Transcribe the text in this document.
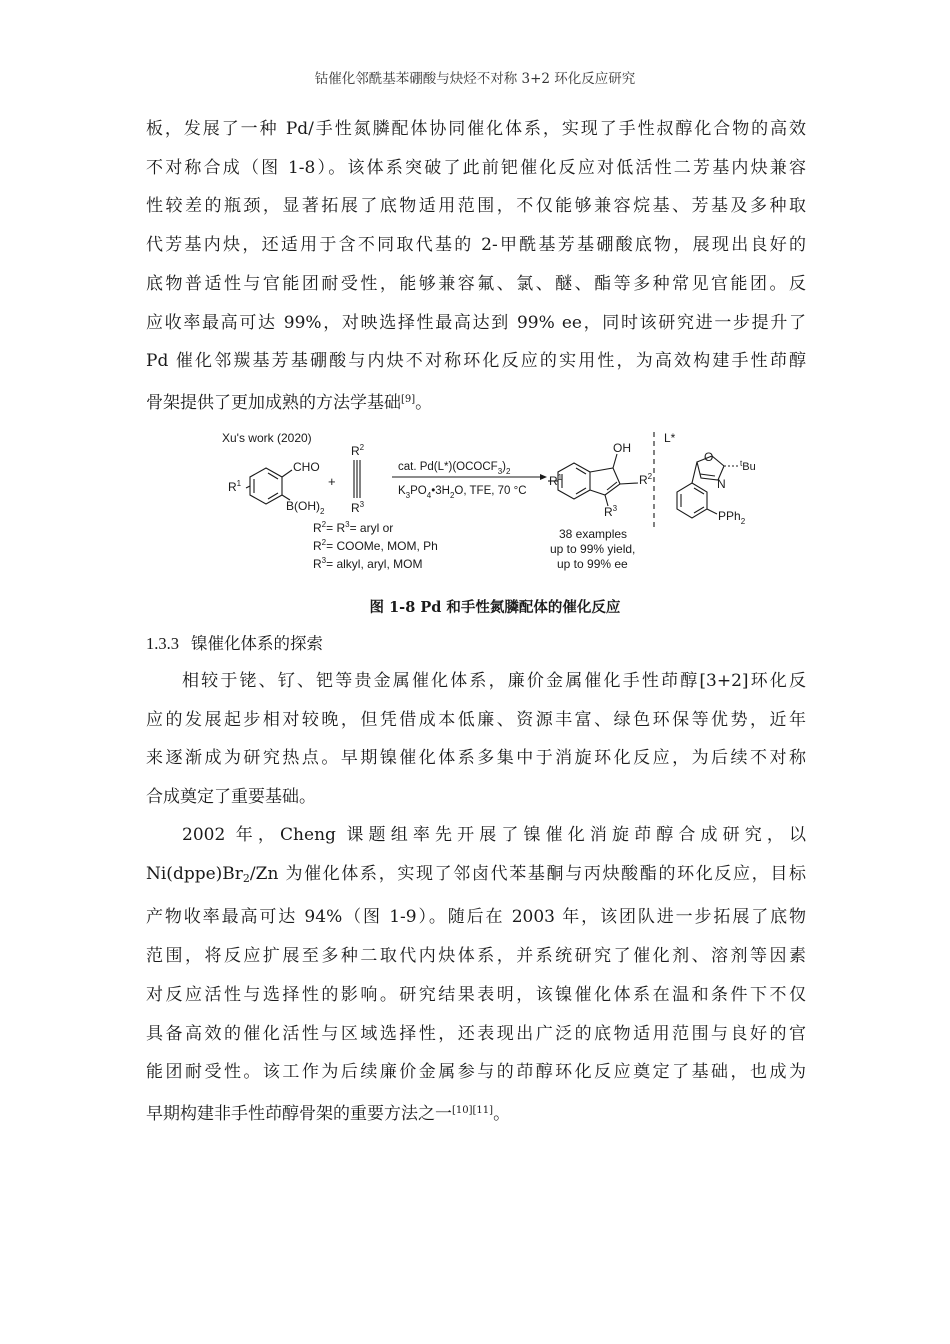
钴催化邻酰基苯硼酸与炔烃不对称 3+2 环化反应研究
板，发展了一种 Pd/手性氮膦配体协同催化体系，实现了手性叔醇化合物的高效
不对称合成（图 1-8）。该体系突破了此前钯催化反应对低活性二芳基内炔兼容
性较差的瓶颈，显著拓展了底物适用范围，不仅能够兼容烷基、芳基及多种取
代芳基内炔，还适用于含不同取代基的 2-甲酰基芳基硼酸底物，展现出良好的
底物普适性与官能团耐受性，能够兼容氟、氯、醚、酯等多种常见官能团。反
应收率最高可达 99%，对映选择性最高达到 99% ee，同时该研究进一步提升了
Pd 催化邻羰基芳基硼酸与内炔不对称环化反应的实用性，为高效构建手性茚醇
骨架提供了更加成熟的方法学基础[9]。
Xu's work (2020)
CHO
$R^1$
$B(OH)_2$
+
$R^2$
$R^3$
cat. $Pd(L*)(OCOCF_3)_2$
$K_3PO_4•3H_2O$, TFE, 70 °C
OH
$R^1$	$R^2$
$R^3$
38 examples
up to 99% yield,
up to 99% ee
$R^2= R^3=$ aryl or
$R^2=$ COOMe, MOM, Ph
$R^3=$ alkyl, aryl, MOM
L*
O
N
$^t$Bu
PPh$_2$
图 1-8 Pd 和手性氮膦配体的催化反应
1.3.3 镍催化体系的探索
相较于铑、钌、钯等贵金属催化体系，廉价金属催化手性茚醇[3+2]环化反
应的发展起步相对较晚，但凭借成本低廉、资源丰富、绿色环保等优势，近年
来逐渐成为研究热点。早期镍催化体系多集中于消旋环化反应，为后续不对称
合成奠定了重要基础。
2002 年，Cheng 课题组率先开展了镍催化消旋茚醇合成研究，以
$Ni(dppe)Br_2/Zn$ 为催化体系，实现了邻卤代苯基酮与丙炔酸酯的环化反应，目标
产物收率最高可达 94%（图 1-9）。随后在 2003 年，该团队进一步拓展了底物
范围，将反应扩展至多种二取代内炔体系，并系统研究了催化剂、溶剂等因素
对反应活性与选择性的影响。研究结果表明，该镍催化体系在温和条件下不仅
具备高效的催化活性与区域选择性，还表现出广泛的底物适用范围与良好的官
能团耐受性。该工作为后续廉价金属参与的茚醇环化反应奠定了基础，也成为
早期构建非手性茚醇骨架的重要方法之一[10][11]。
